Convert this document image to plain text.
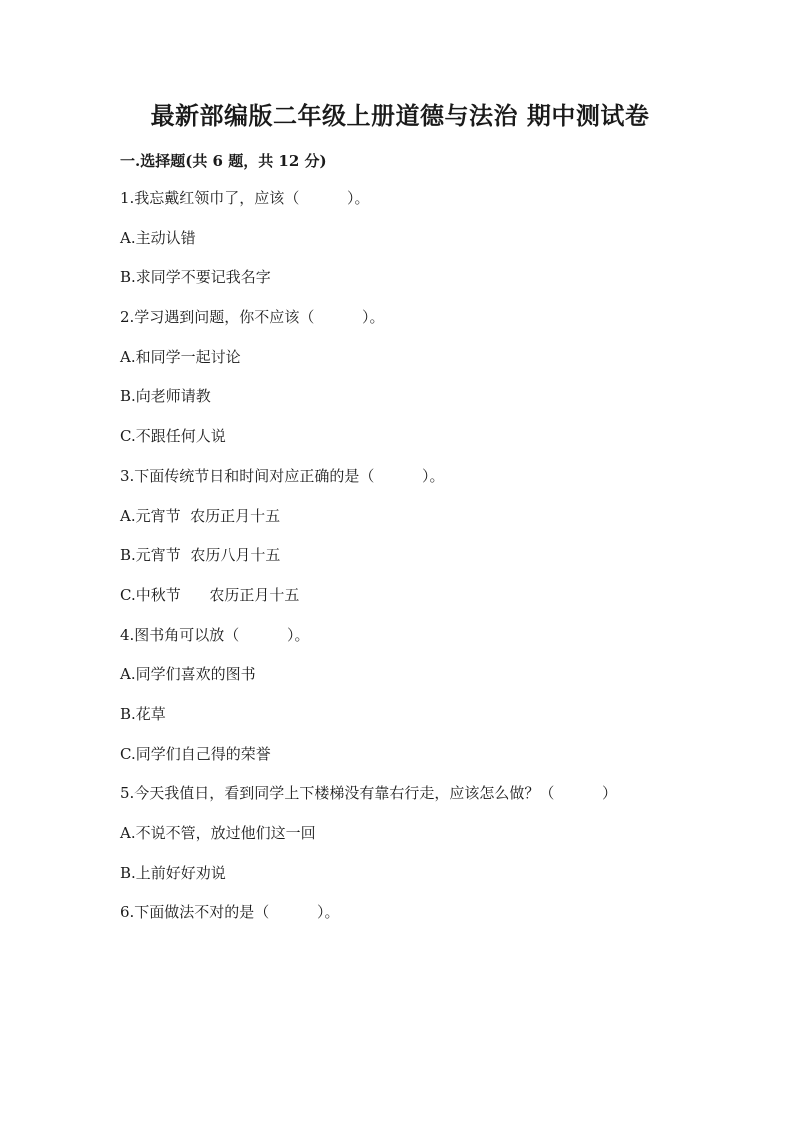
最新部编版二年级上册道德与法治 期中测试卷
一.选择题(共 6 题，共 12 分)
1.我忘戴红领巾了，应该（          ）。
A.主动认错
B.求同学不要记我名字
2.学习遇到问题，你不应该（          ）。
A.和同学一起讨论
B.向老师请教
C.不跟任何人说
3.下面传统节日和时间对应正确的是（          ）。
A.元宵节  农历正月十五
B.元宵节  农历八月十五
C.中秋节      农历正月十五
4.图书角可以放（          ）。
A.同学们喜欢的图书
B.花草
C.同学们自己得的荣誉
5.今天我值日，看到同学上下楼梯没有靠右行走，应该怎么做？（          ）
A.不说不管，放过他们这一回
B.上前好好劝说
6.下面做法不对的是（          ）。
